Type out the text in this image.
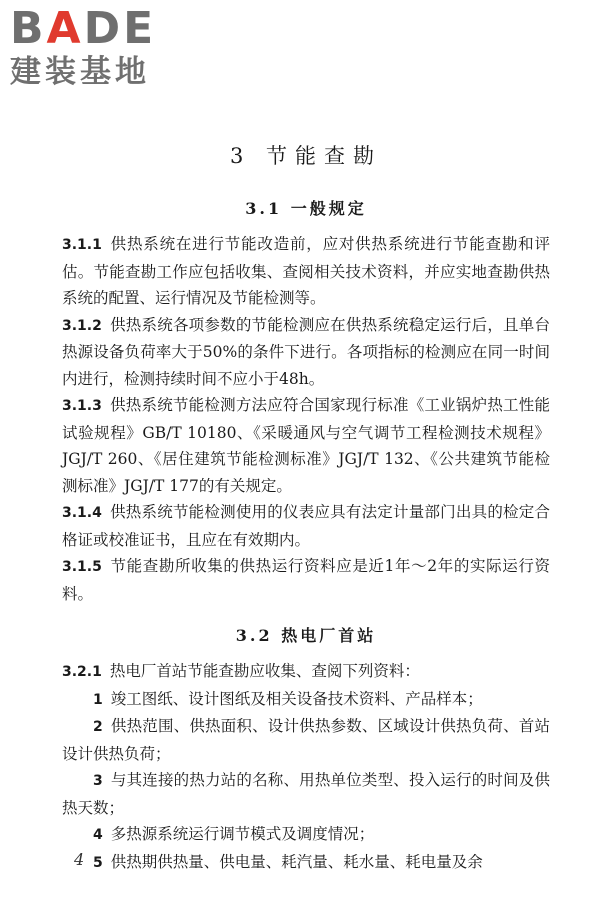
BADE
建装基地
3 节能查勘
3.1 一般规定

3.1.1 供热系统在进行节能改造前，应对供热系统进行节能查勘和评估。节能查勘工作应包括收集、查阅相关技术资料，并应实地查勘供热系统的配置、运行情况及节能检测等。

3.1.2 供热系统各项参数的节能检测应在供热系统稳定运行后，且单台热源设备负荷率大于50%的条件下进行。各项指标的检测应在同一时间内进行，检测持续时间不应小于48h。

3.1.3 供热系统节能检测方法应符合国家现行标准《工业锅炉热工性能试验规程》GB/T 10180、《采暖通风与空气调节工程检测技术规程》JGJ/T 260、《居住建筑节能检测标准》JGJ/T 132、《公共建筑节能检测标准》JGJ/T 177的有关规定。

3.1.4 供热系统节能检测使用的仪表应具有法定计量部门出具的检定合格证或校准证书，且应在有效期内。

3.1.5 节能查勘所收集的供热运行资料应是近1年～2年的实际运行资料。

3.2 热电厂首站

3.2.1 热电厂首站节能查勘应收集、查阅下列资料：

1 竣工图纸、设计图纸及相关设备技术资料、产品样本；

2 供热范围、供热面积、设计供热参数、区域设计供热负荷、首站设计供热负荷；

3 与其连接的热力站的名称、用热单位类型、投入运行的时间及供热天数；

4 多热源系统运行调节模式及调度情况；

5 供热期供热量、供电量、耗汽量、耗水量、耗电量及余

4
